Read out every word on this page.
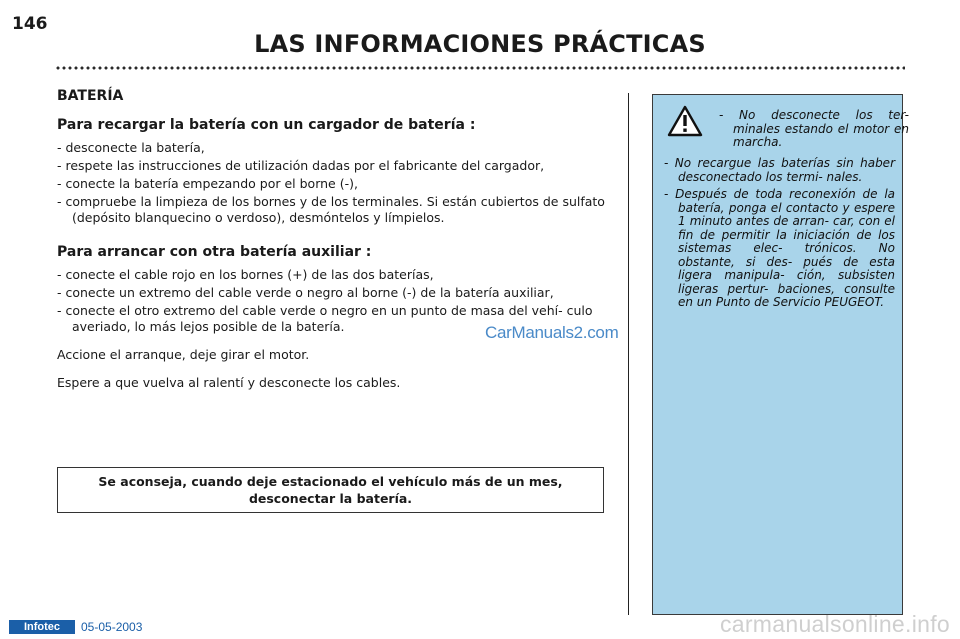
146
LAS INFORMACIONES PRÁCTICAS
BATERÍA
Para recargar la batería con un cargador de batería :
- desconecte la batería,
- respete las instrucciones de utilización dadas por el fabricante del cargador,
- conecte la batería empezando por el borne (-),
- compruebe la limpieza de los bornes y de los terminales. Si están cubiertos de sulfato (depósito blanquecino o verdoso), desmóntelos y límpielos.
Para arrancar con otra batería auxiliar :
- conecte el cable rojo en los bornes (+) de las dos baterías,
- conecte un extremo del cable verde o negro al borne (-) de la batería auxiliar,
- conecte el otro extremo del cable verde o negro en un punto de masa del vehí- culo averiado, lo más lejos posible de la batería.

Accione el arranque, deje girar el motor.

Espere a que vuelva al ralentí y desconecte los cables.

CarManuals2.com
Se aconseja, cuando deje estacionado el vehículo más de un mes,
desconectar la batería.
- No desconecte los ter- minales estando el motor en marcha.
- No recargue las baterías sin haber desconectado los termi- nales.
- Después de toda reconexión de la batería, ponga el contacto y espere 1 minuto antes de arran- car, con el fin de permitir la iniciación de los sistemas elec- trónicos. No obstante, si des- pués de esta ligera manipula- ción, subsisten ligeras pertur- baciones, consulte en un Punto de Servicio PEUGEOT.
Infotec	05-05-2003	carmanualsonline.info
